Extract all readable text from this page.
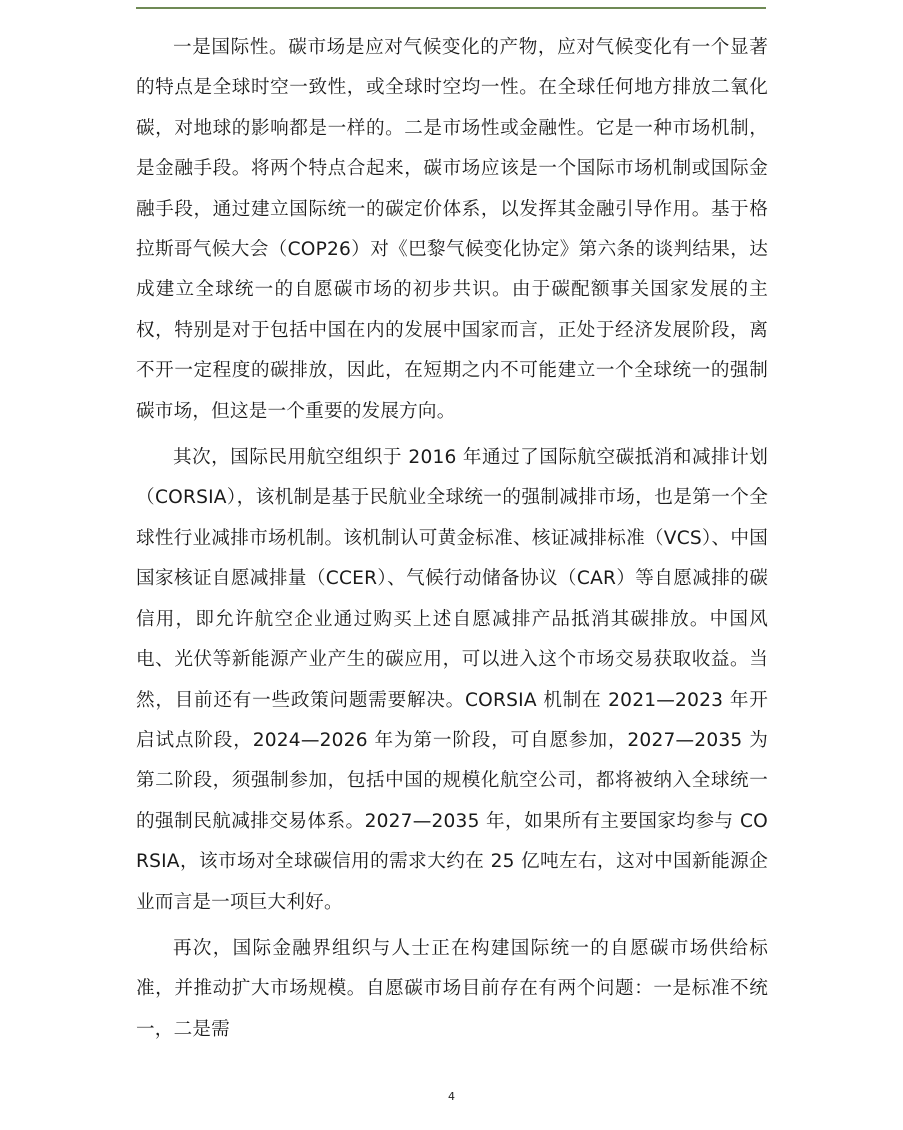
一是国际性。碳市场是应对气候变化的产物，应对气候变化有一个显著的特点是全球时空一致性，或全球时空均一性。在全球任何地方排放二氧化碳，对地球的影响都是一样的。二是市场性或金融性。它是一种市场机制，是金融手段。将两个特点合起来，碳市场应该是一个国际市场机制或国际金融手段，通过建立国际统一的碳定价体系，以发挥其金融引导作用。基于格拉斯哥气候大会（COP26）对《巴黎气候变化协定》第六条的谈判结果，达成建立全球统一的自愿碳市场的初步共识。由于碳配额事关国家发展的主权，特别是对于包括中国在内的发展中国家而言，正处于经济发展阶段，离不开一定程度的碳排放，因此，在短期之内不可能建立一个全球统一的强制碳市场，但这是一个重要的发展方向。

其次，国际民用航空组织于 2016 年通过了国际航空碳抵消和减排计划（CORSIA），该机制是基于民航业全球统一的强制减排市场，也是第一个全球性行业减排市场机制。该机制认可黄金标准、核证减排标准（VCS）、中国国家核证自愿减排量（CCER）、气候行动储备协议（CAR）等自愿减排的碳信用，即允许航空企业通过购买上述自愿减排产品抵消其碳排放。中国风电、光伏等新能源产业产生的碳应用，可以进入这个市场交易获取收益。当然，目前还有一些政策问题需要解决。CORSIA 机制在 2021—2023 年开启试点阶段，2024—2026 年为第一阶段，可自愿参加，2027—2035 为第二阶段，须强制参加，包括中国的规模化航空公司，都将被纳入全球统一的强制民航减排交易体系。2027—2035 年，如果所有主要国家均参与 CORSIA，该市场对全球碳信用的需求大约在 25 亿吨左右，这对中国新能源企业而言是一项巨大利好。

再次，国际金融界组织与人士正在构建国际统一的自愿碳市场供给标准，并推动扩大市场规模。自愿碳市场目前存在有两个问题：一是标准不统一，二是需

4
